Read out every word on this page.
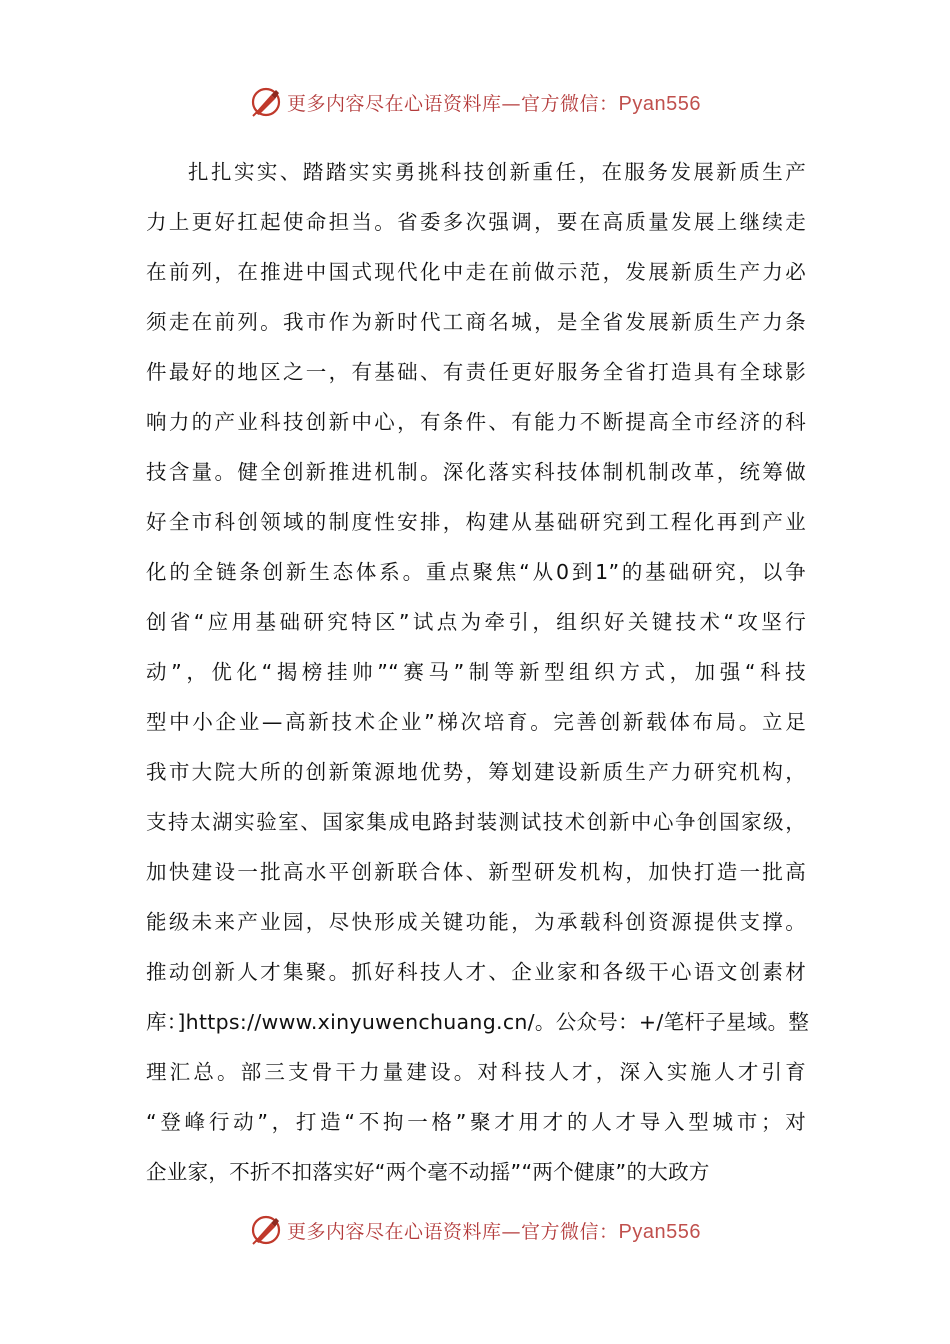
更多内容尽在心语资料库—官方微信：Pyan556
扎扎实实、踏踏实实勇挑科技创新重任，在服务发展新质生产
力上更好扛起使命担当。省委多次强调，要在高质量发展上继续走
在前列，在推进中国式现代化中走在前做示范，发展新质生产力必
须走在前列。我市作为新时代工商名城，是全省发展新质生产力条
件最好的地区之一，有基础、有责任更好服务全省打造具有全球影
响力的产业科技创新中心，有条件、有能力不断提高全市经济的科
技含量。健全创新推进机制。深化落实科技体制机制改革，统筹做
好全市科创领域的制度性安排，构建从基础研究到工程化再到产业
化的全链条创新生态体系。重点聚焦“从0到1”的基础研究，以争
创省“应用基础研究特区”试点为牵引，组织好关键技术“攻坚行
动”，优化“揭榜挂帅”“赛马”制等新型组织方式，加强“科技
型中小企业—高新技术企业”梯次培育。完善创新载体布局。立足
我市大院大所的创新策源地优势，筹划建设新质生产力研究机构，
支持太湖实验室、国家集成电路封装测试技术创新中心争创国家级，
加快建设一批高水平创新联合体、新型研发机构，加快打造一批高
能级未来产业园，尽快形成关键功能，为承载科创资源提供支撑。
推动创新人才集聚。抓好科技人才、企业家和各级干心语文创素材
库：]https://www.xinyuwenchuang.cn/。公众号：+/笔杆子星域。整
理汇总。部三支骨干力量建设。对科技人才，深入实施人才引育
“登峰行动”，打造“不拘一格”聚才用才的人才导入型城市；对
企业家，不折不扣落实好“两个毫不动摇”“两个健康”的大政方
更多内容尽在心语资料库—官方微信：Pyan556
